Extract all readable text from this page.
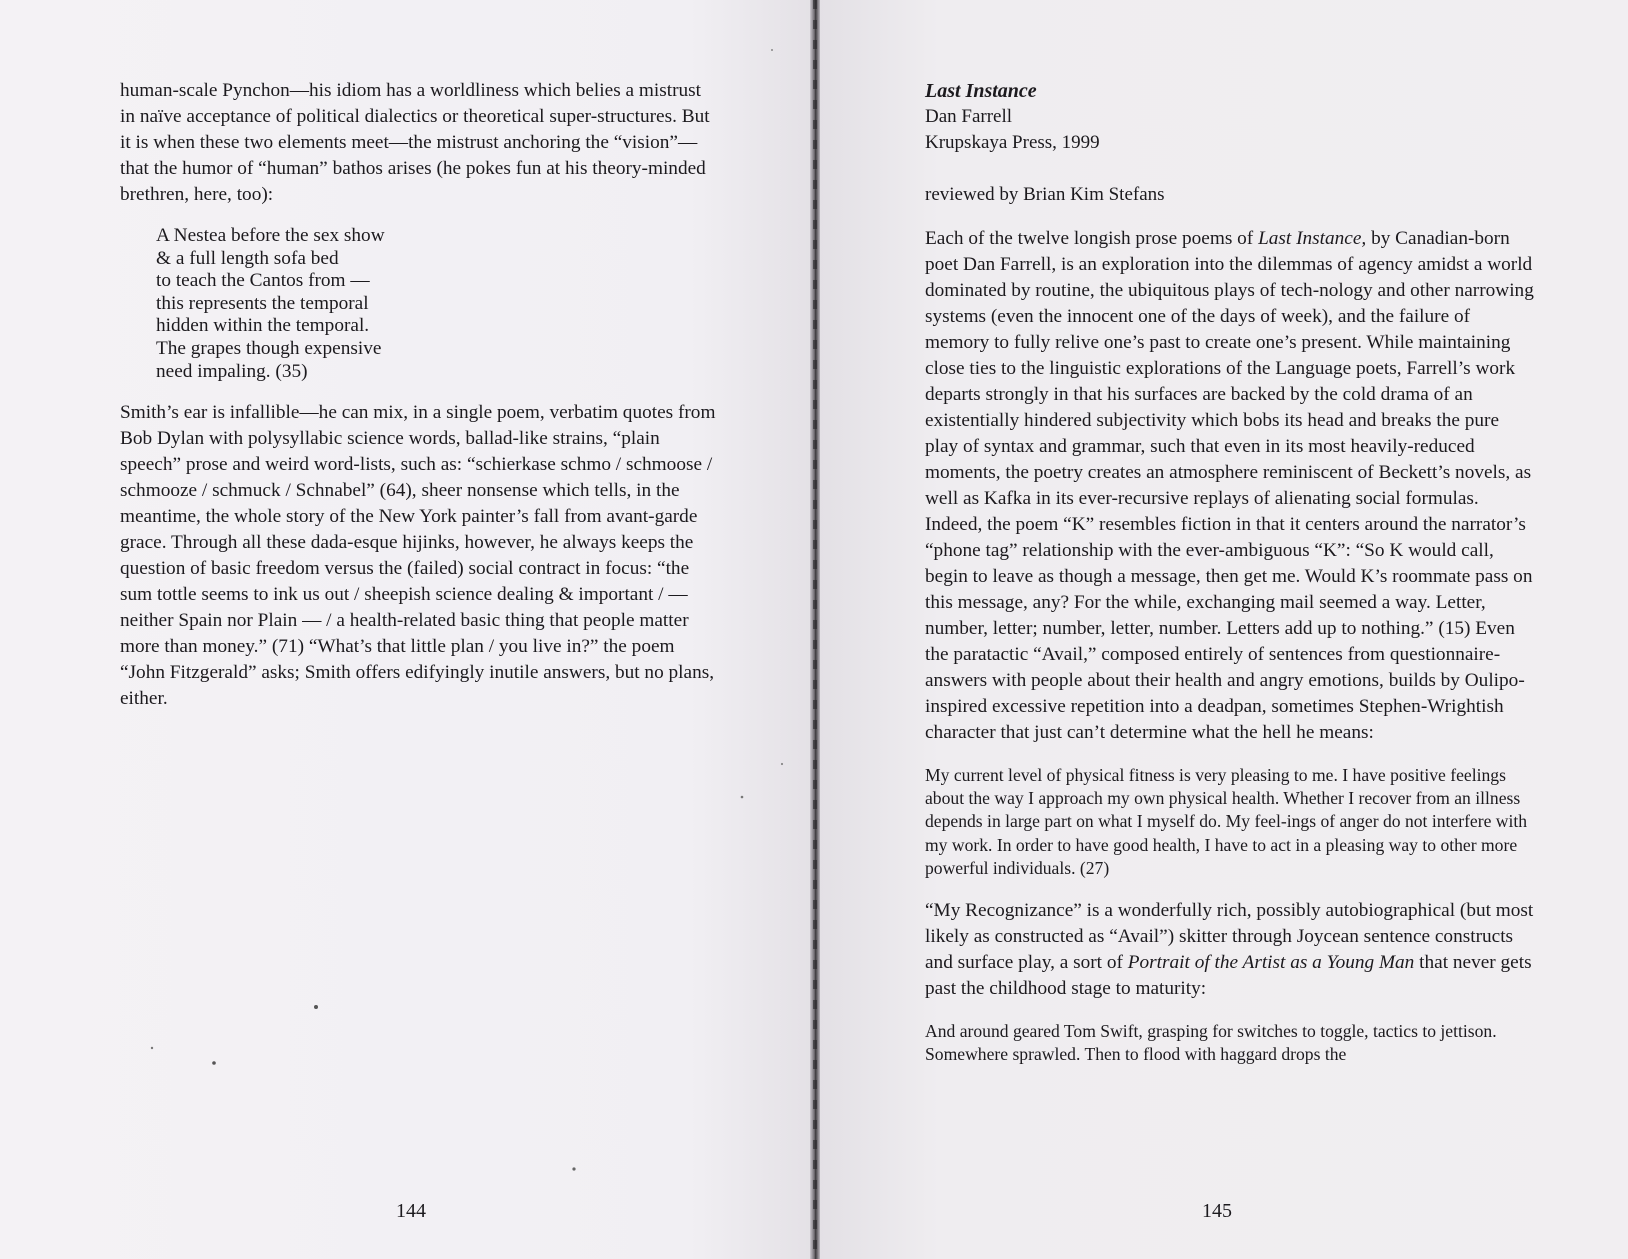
human-scale Pynchon—his idiom has a worldliness which belies a mistrust in naïve acceptance of political dialectics or theoretical super-structures. But it is when these two elements meet—the mistrust anchoring the “vision”—that the humor of “human” bathos arises (he pokes fun at his theory-minded brethren, here, too):

A Nestea before the sex show
& a full length sofa bed
to teach the Cantos from —
this represents the temporal
hidden within the temporal.
The grapes though expensive
need impaling. (35)

Smith’s ear is infallible—he can mix, in a single poem, verbatim quotes from Bob Dylan with polysyllabic science words, ballad-like strains, “plain speech” prose and weird word-lists, such as: “schierkase schmo / schmoose / schmooze / schmuck / Schnabel” (64), sheer nonsense which tells, in the meantime, the whole story of the New York painter’s fall from avant-garde grace. Through all these dada-esque hijinks, however, he always keeps the question of basic freedom versus the (failed) social contract in focus: “the sum tottle seems to ink us out / sheepish science dealing & important / — neither Spain nor Plain — / a health-related basic thing that people matter more than money.” (71) “What’s that little plan / you live in?” the poem “John Fitzgerald” asks; Smith offers edifyingly inutile answers, but no plans, either.

144
Last Instance
Dan Farrell
Krupskaya Press, 1999
reviewed by Brian Kim Stefans

Each of the twelve longish prose poems of Last Instance, by Canadian-born poet Dan Farrell, is an exploration into the dilemmas of agency amidst a world dominated by routine, the ubiquitous plays of tech-nology and other narrowing systems (even the innocent one of the days of week), and the failure of memory to fully relive one’s past to create one’s present. While maintaining close ties to the linguistic explorations of the Language poets, Farrell’s work departs strongly in that his surfaces are backed by the cold drama of an existentially hindered subjectivity which bobs its head and breaks the pure play of syntax and grammar, such that even in its most heavily-reduced moments, the poetry creates an atmosphere reminiscent of Beckett’s novels, as well as Kafka in its ever-recursive replays of alienating social formulas. Indeed, the poem “K” resembles fiction in that it centers around the narrator’s “phone tag” relationship with the ever-ambiguous “K”: “So K would call, begin to leave as though a message, then get me. Would K’s roommate pass on this message, any? For the while, exchanging mail seemed a way. Letter, number, letter; number, letter, number. Letters add up to nothing.” (15) Even the paratactic “Avail,” composed entirely of sentences from questionnaire-answers with people about their health and angry emotions, builds by Oulipo-inspired excessive repetition into a deadpan, sometimes Stephen-Wrightish character that just can’t determine what the hell he means:

My current level of physical fitness is very pleasing to me. I have positive feelings about the way I approach my own physical health. Whether I recover from an illness depends in large part on what I myself do. My feel-ings of anger do not interfere with my work. In order to have good health, I have to act in a pleasing way to other more powerful individuals. (27)

“My Recognizance” is a wonderfully rich, possibly autobiographical (but most likely as constructed as “Avail”) skitter through Joycean sentence constructs and surface play, a sort of Portrait of the Artist as a Young Man that never gets past the childhood stage to maturity:

And around geared Tom Swift, grasping for switches to toggle, tactics to jettison. Somewhere sprawled. Then to flood with haggard drops the

145
